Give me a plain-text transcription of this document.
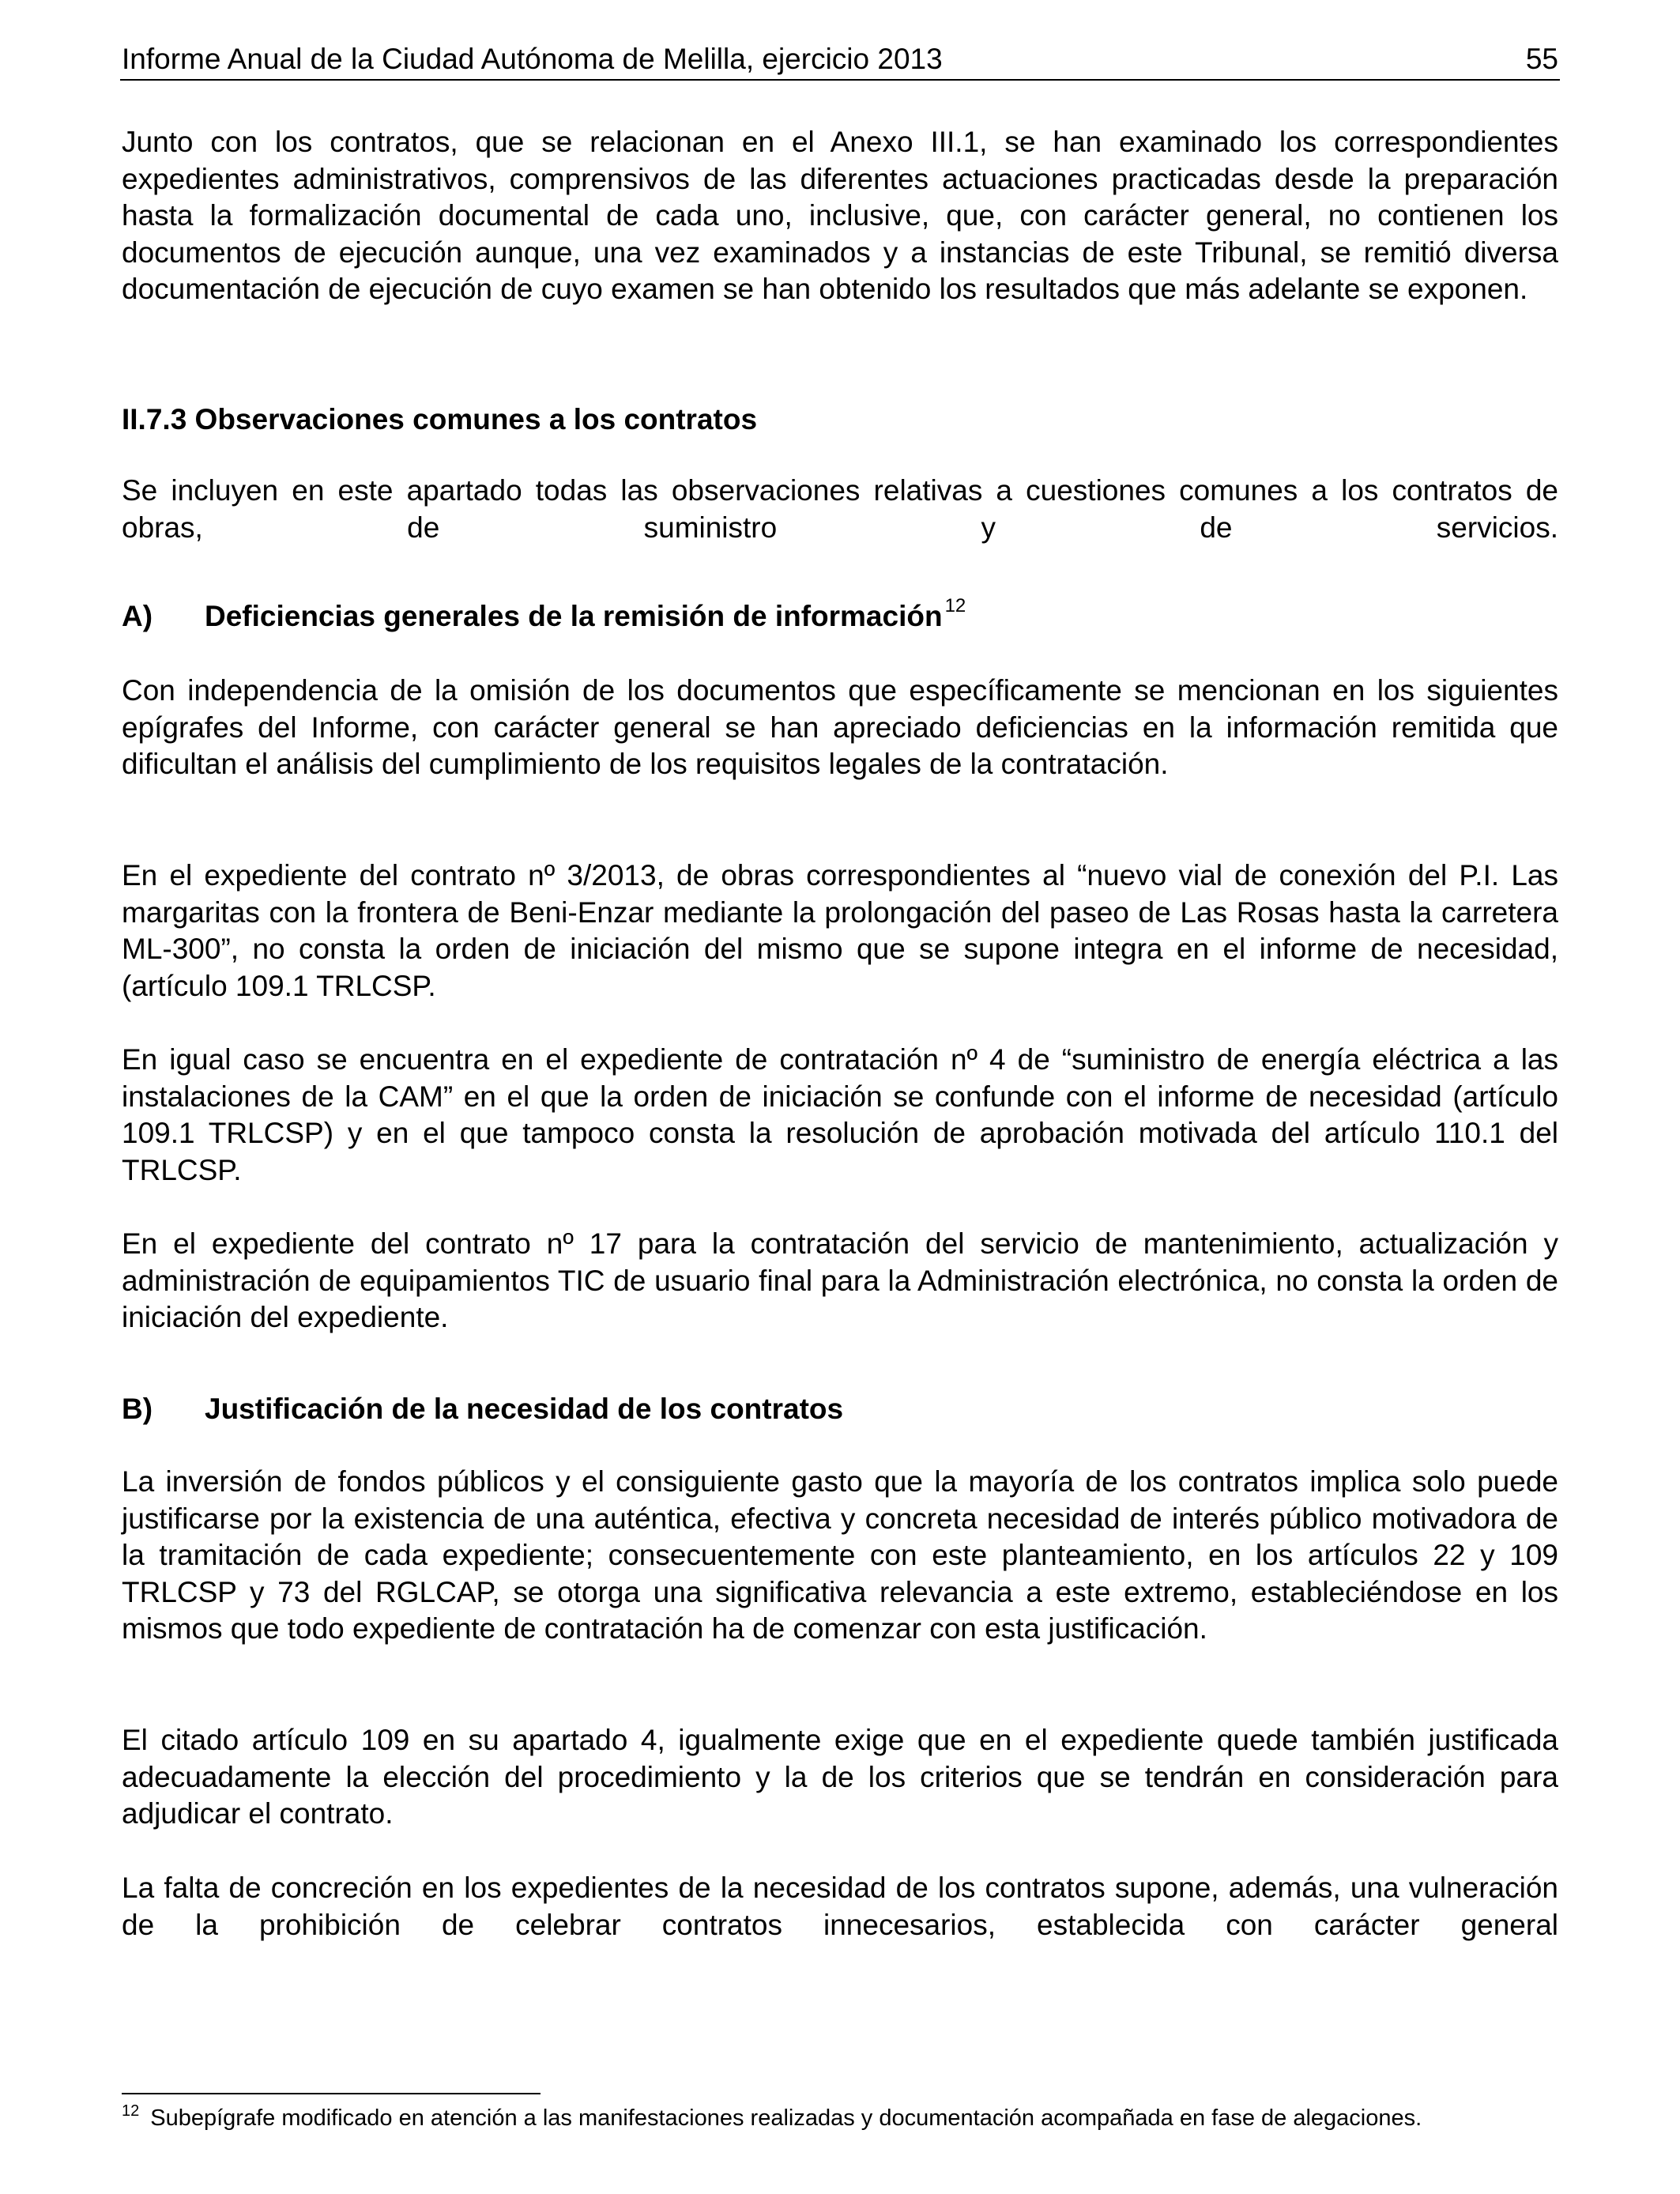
Informe Anual de la Ciudad Autónoma de Melilla, ejercicio 2013	55

Junto con los contratos, que se relacionan en el Anexo III.1, se han examinado los correspondientes expedientes administrativos, comprensivos de las diferentes actuaciones practicadas desde la preparación hasta la formalización documental de cada uno, inclusive, que, con carácter general, no contienen los documentos de ejecución aunque, una vez examinados y a instancias de este Tribunal, se remitió diversa documentación de ejecución de cuyo examen se han obtenido los resultados que más adelante se exponen.

II.7.3 Observaciones comunes a los contratos

Se incluyen en este apartado todas las observaciones relativas a cuestiones comunes a los contratos de obras, de suministro y de servicios.

A) Deficiencias generales de la remisión de información $^{12}$

Con independencia de la omisión de los documentos que específicamente se mencionan en los siguientes epígrafes del Informe, con carácter general se han apreciado deficiencias en la información remitida que dificultan el análisis del cumplimiento de los requisitos legales de la contratación.

En el expediente del contrato nº 3/2013, de obras correspondientes al “nuevo vial de conexión del P.I. Las margaritas con la frontera de Beni-Enzar mediante la prolongación del paseo de Las Rosas hasta la carretera ML-300”, no consta la orden de iniciación del mismo que se supone integra en el informe de necesidad, (artículo 109.1 TRLCSP.

En igual caso se encuentra en el expediente de contratación nº 4 de “suministro de energía eléctrica a las instalaciones de la CAM” en el que la orden de iniciación se confunde con el informe de necesidad (artículo 109.1 TRLCSP) y en el que tampoco consta la resolución de aprobación motivada del artículo 110.1 del TRLCSP.

En el expediente del contrato nº 17 para la contratación del servicio de mantenimiento, actualización y administración de equipamientos TIC de usuario final para la Administración electrónica, no consta la orden de iniciación del expediente.

B) Justificación de la necesidad de los contratos

La inversión de fondos públicos y el consiguiente gasto que la mayoría de los contratos implica solo puede justificarse por la existencia de una auténtica, efectiva y concreta necesidad de interés público motivadora de la tramitación de cada expediente; consecuentemente con este planteamiento, en los artículos 22 y 109 TRLCSP y 73 del RGLCAP, se otorga una significativa relevancia a este extremo, estableciéndose en los mismos que todo expediente de contratación ha de comenzar con esta justificación.

El citado artículo 109 en su apartado 4, igualmente exige que en el expediente quede también justificada adecuadamente la elección del procedimiento y la de los criterios que se tendrán en consideración para adjudicar el contrato.

La falta de concreción en los expedientes de la necesidad de los contratos supone, además, una vulneración de la prohibición de celebrar contratos innecesarios, establecida con carácter general

$^{12}$ Subepígrafe modificado en atención a las manifestaciones realizadas y documentación acompañada en fase de alegaciones.
